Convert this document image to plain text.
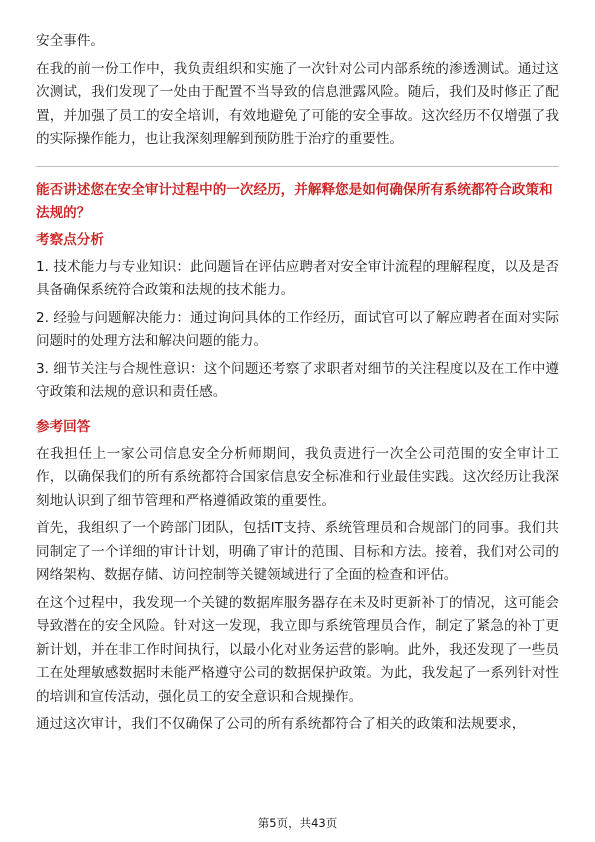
安全事件。

在我的前一份工作中，我负责组织和实施了一次针对公司内部系统的渗透测试。通过这次测试，我们发现了一处由于配置不当导致的信息泄露风险。随后，我们及时修正了配置，并加强了员工的安全培训，有效地避免了可能的安全事故。这次经历不仅增强了我的实际操作能力，也让我深刻理解到预防胜于治疗的重要性。

能否讲述您在安全审计过程中的一次经历，并解释您是如何确保所有系统都符合政策和法规的？

考察点分析

1. 技术能力与专业知识：此问题旨在评估应聘者对安全审计流程的理解程度，以及是否具备确保系统符合政策和法规的技术能力。

2. 经验与问题解决能力：通过询问具体的工作经历，面试官可以了解应聘者在面对实际问题时的处理方法和解决问题的能力。

3. 细节关注与合规性意识：这个问题还考察了求职者对细节的关注程度以及在工作中遵守政策和法规的意识和责任感。

参考回答

在我担任上一家公司信息安全分析师期间，我负责进行一次全公司范围的安全审计工作，以确保我们的所有系统都符合国家信息安全标准和行业最佳实践。这次经历让我深刻地认识到了细节管理和严格遵循政策的重要性。

首先，我组织了一个跨部门团队，包括IT支持、系统管理员和合规部门的同事。我们共同制定了一个详细的审计计划，明确了审计的范围、目标和方法。接着，我们对公司的网络架构、数据存储、访问控制等关键领域进行了全面的检查和评估。

在这个过程中，我发现一个关键的数据库服务器存在未及时更新补丁的情况，这可能会导致潜在的安全风险。针对这一发现，我立即与系统管理员合作，制定了紧急的补丁更新计划，并在非工作时间执行，以最小化对业务运营的影响。此外，我还发现了一些员工在处理敏感数据时未能严格遵守公司的数据保护政策。为此，我发起了一系列针对性的培训和宣传活动，强化员工的安全意识和合规操作。

通过这次审计，我们不仅确保了公司的所有系统都符合了相关的政策和法规要求，

第5页，共43页
